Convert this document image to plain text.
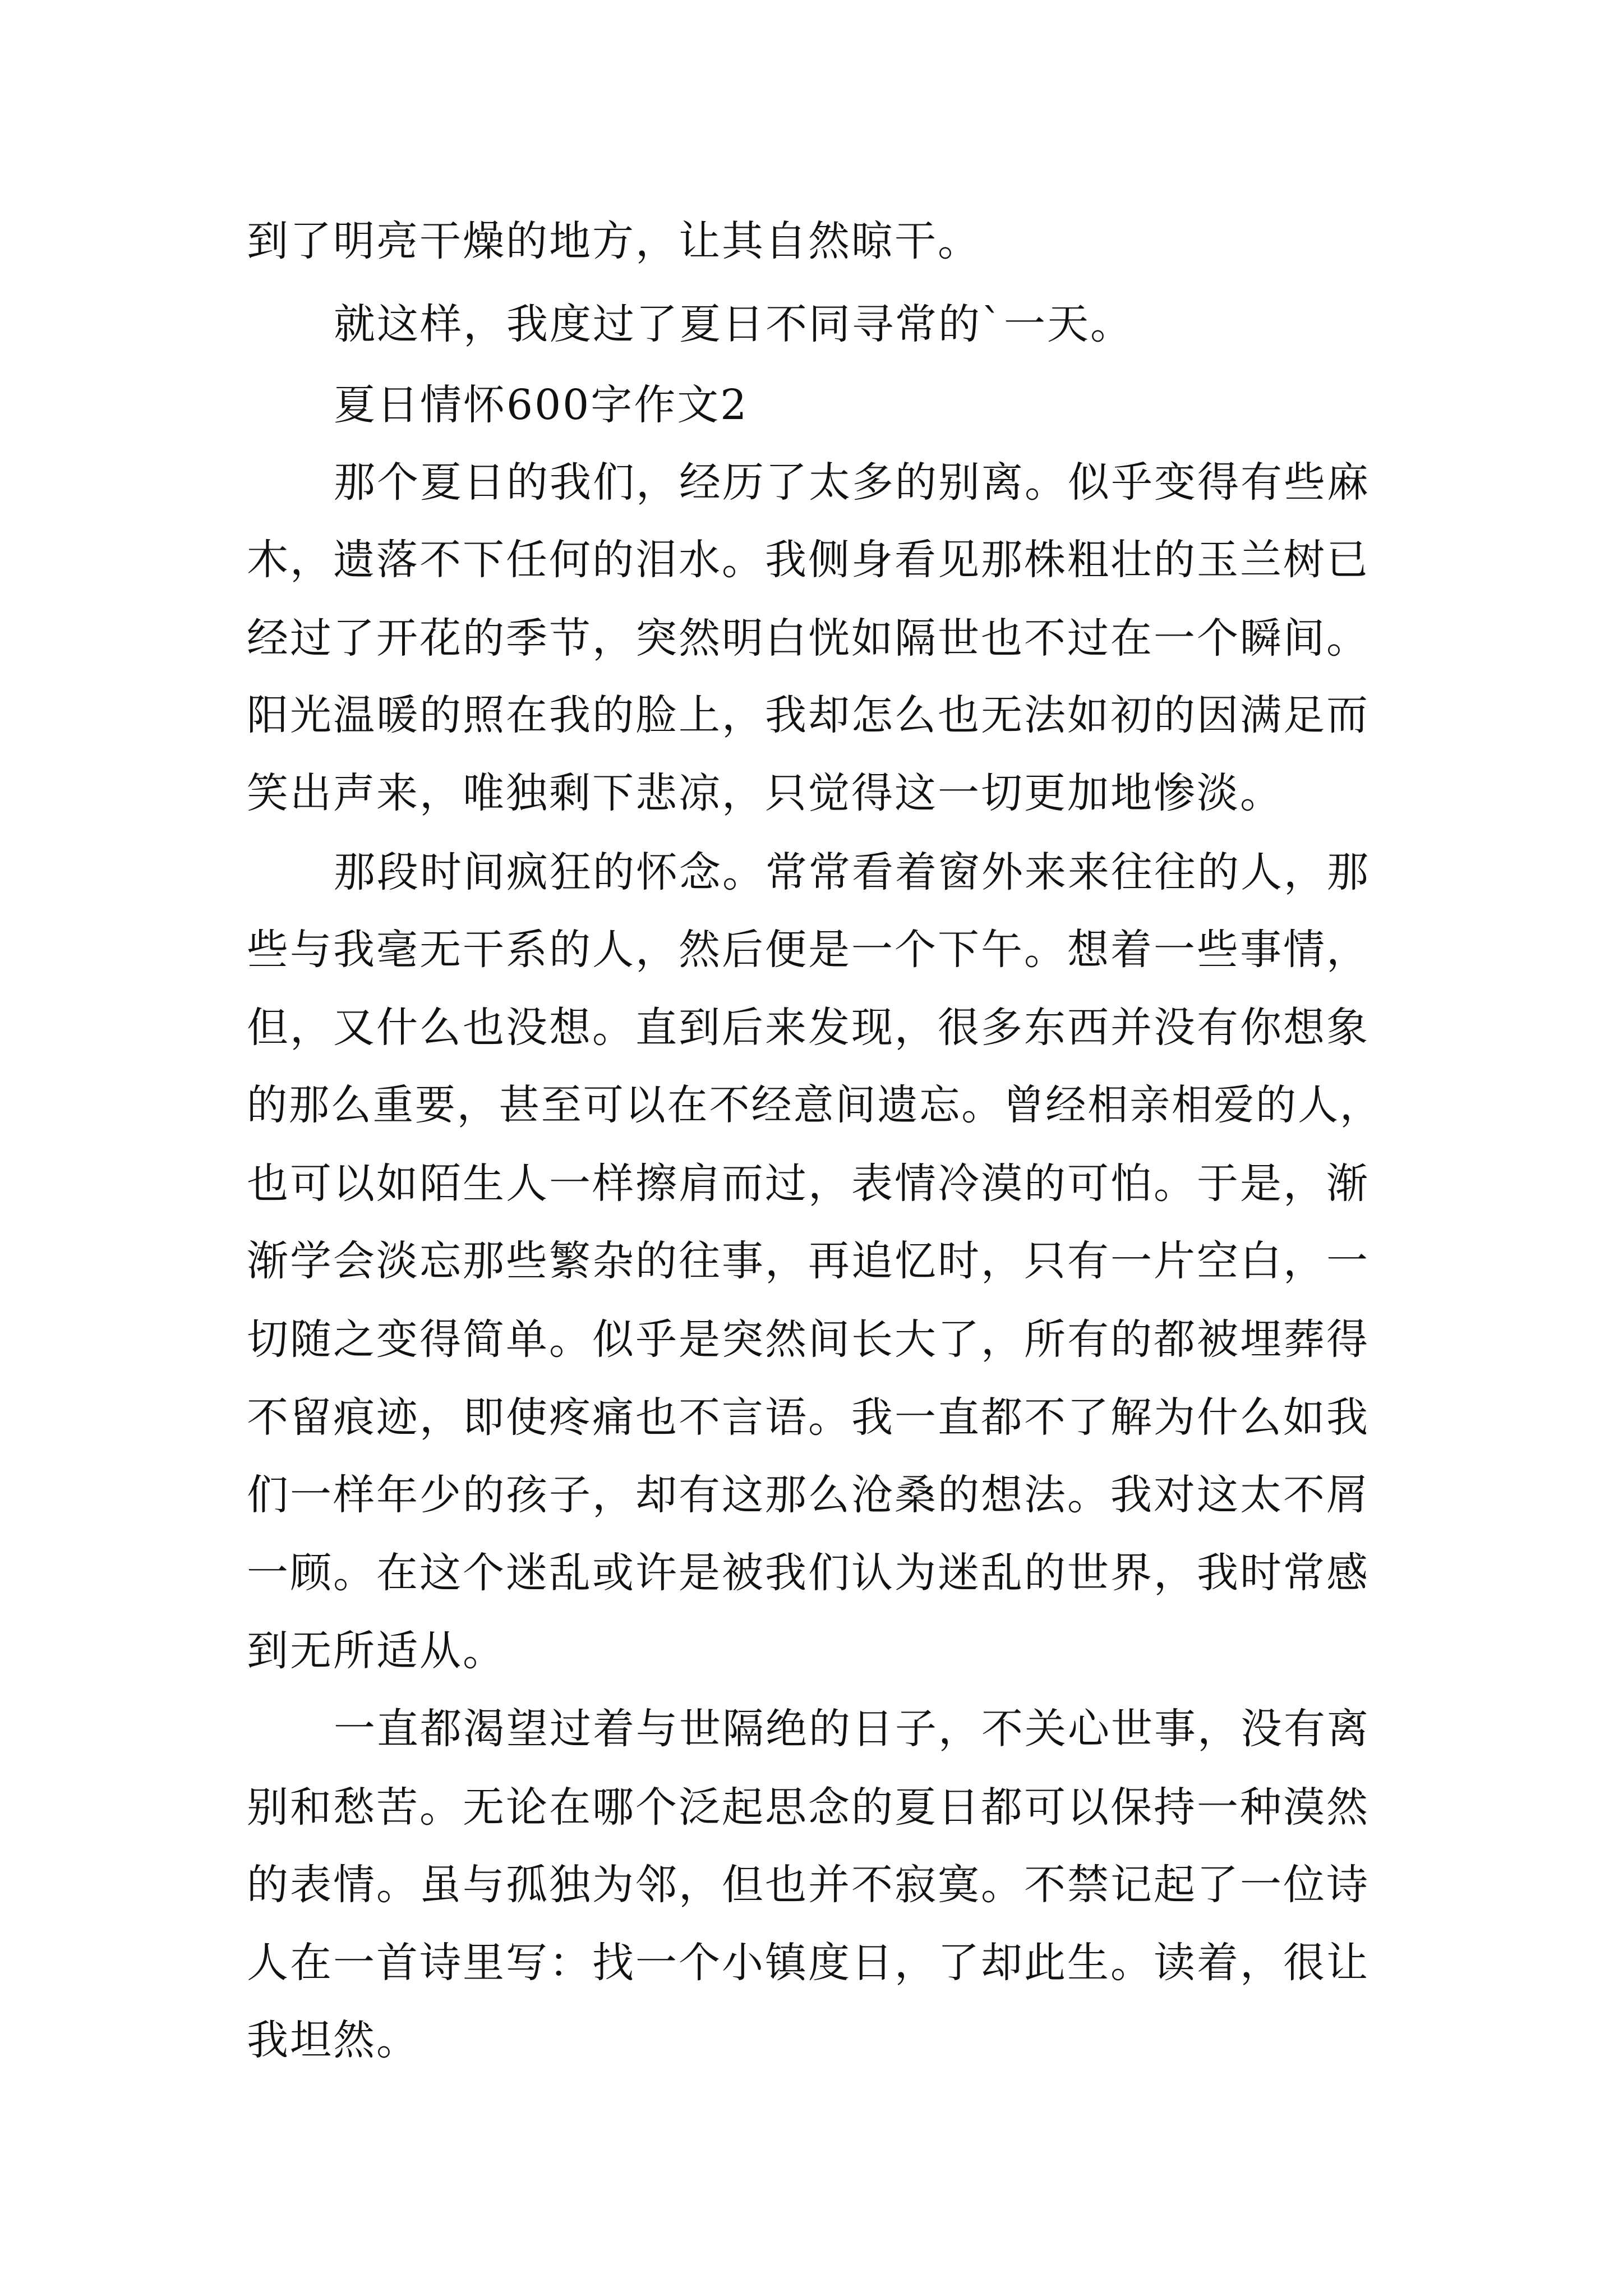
到了明亮干燥的地方，让其自然晾干。
就这样，我度过了夏日不同寻常的`一天。
夏日情怀600字作文2
那个夏日的我们，经历了太多的别离。似乎变得有些麻
木，遗落不下任何的泪水。我侧身看见那株粗壮的玉兰树已
经过了开花的季节，突然明白恍如隔世也不过在一个瞬间。
阳光温暖的照在我的脸上，我却怎么也无法如初的因满足而
笑出声来，唯独剩下悲凉，只觉得这一切更加地惨淡。
那段时间疯狂的怀念。常常看着窗外来来往往的人，那
些与我毫无干系的人，然后便是一个下午。想着一些事情，
但，又什么也没想。直到后来发现，很多东西并没有你想象
的那么重要，甚至可以在不经意间遗忘。曾经相亲相爱的人，
也可以如陌生人一样擦肩而过，表情冷漠的可怕。于是，渐
渐学会淡忘那些繁杂的往事，再追忆时，只有一片空白，一
切随之变得简单。似乎是突然间长大了，所有的都被埋葬得
不留痕迹，即使疼痛也不言语。我一直都不了解为什么如我
们一样年少的孩子，却有这那么沧桑的想法。我对这太不屑
一顾。在这个迷乱或许是被我们认为迷乱的世界，我时常感
到无所适从。
一直都渴望过着与世隔绝的日子，不关心世事，没有离
别和愁苦。无论在哪个泛起思念的夏日都可以保持一种漠然
的表情。虽与孤独为邻，但也并不寂寞。不禁记起了一位诗
人在一首诗里写：找一个小镇度日，了却此生。读着，很让
我坦然。
